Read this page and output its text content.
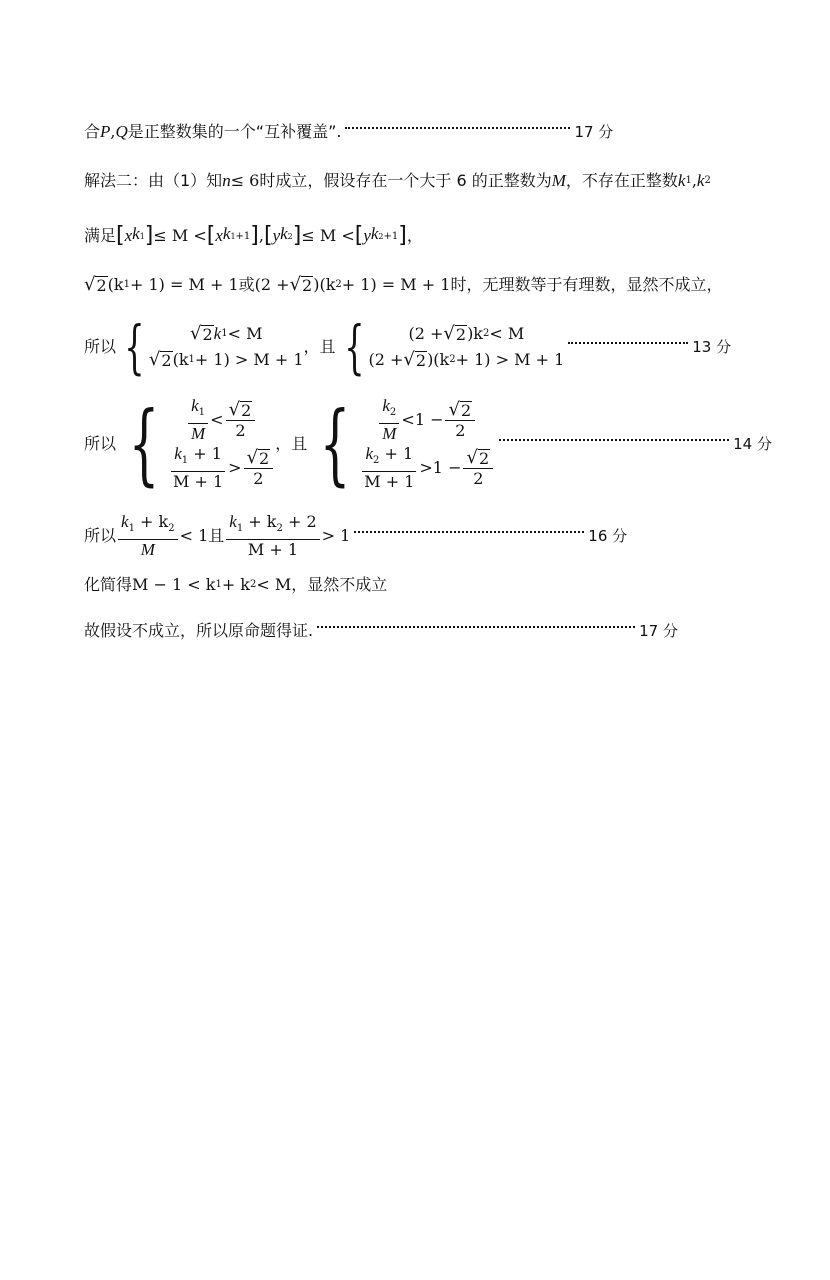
合 P , Q 是正整数集的一个“互补覆盖”.	17 分
解法二：由（1）知 n ≤ 6 时成立，假设存在一个大于 6 的正整数为 M ，不存在正整数 k 1 , k 2
满足 [ x k1 ] ≤ M < [ x k1+1 ] , [ y k2 ] ≤ M < [ y k2+1 ] ，
√ 2 (k 1 + 1) = M + 1 或 (2 + √ 2 )(k 2 + 1) = M + 1 时，无理数等于有理数，显然不成立，
所以 {	√ 2 k 1 < M
√ 2 (k 1 + 1) > M + 1
，且 {	(2 + √ 2 )k 2 < M
(2 + √ 2 )(k 2 + 1) > M + 1
13 分
所以 { $\frac{k_1}{M} < \frac{√ 2}{2}$
$\frac{k_1 + 1}{M + 1} > \frac{√ 2}{2}$
，且 { $\frac{k_2}{M} < 1 - \frac{√ 2}{2}$
$\frac{k_2 + 1}{M + 1} > 1 - \frac{√ 2}{2}$
14 分
所以 $\frac{k_1 + k_2}{M} < 1$ 且 $\frac{k_1 + k_2 + 2}{M + 1} > 1$	16 分
化简得 M − 1 < k 1 + k 2 < M ，显然不成立
故假设不成立，所以原命题得证.	17 分
